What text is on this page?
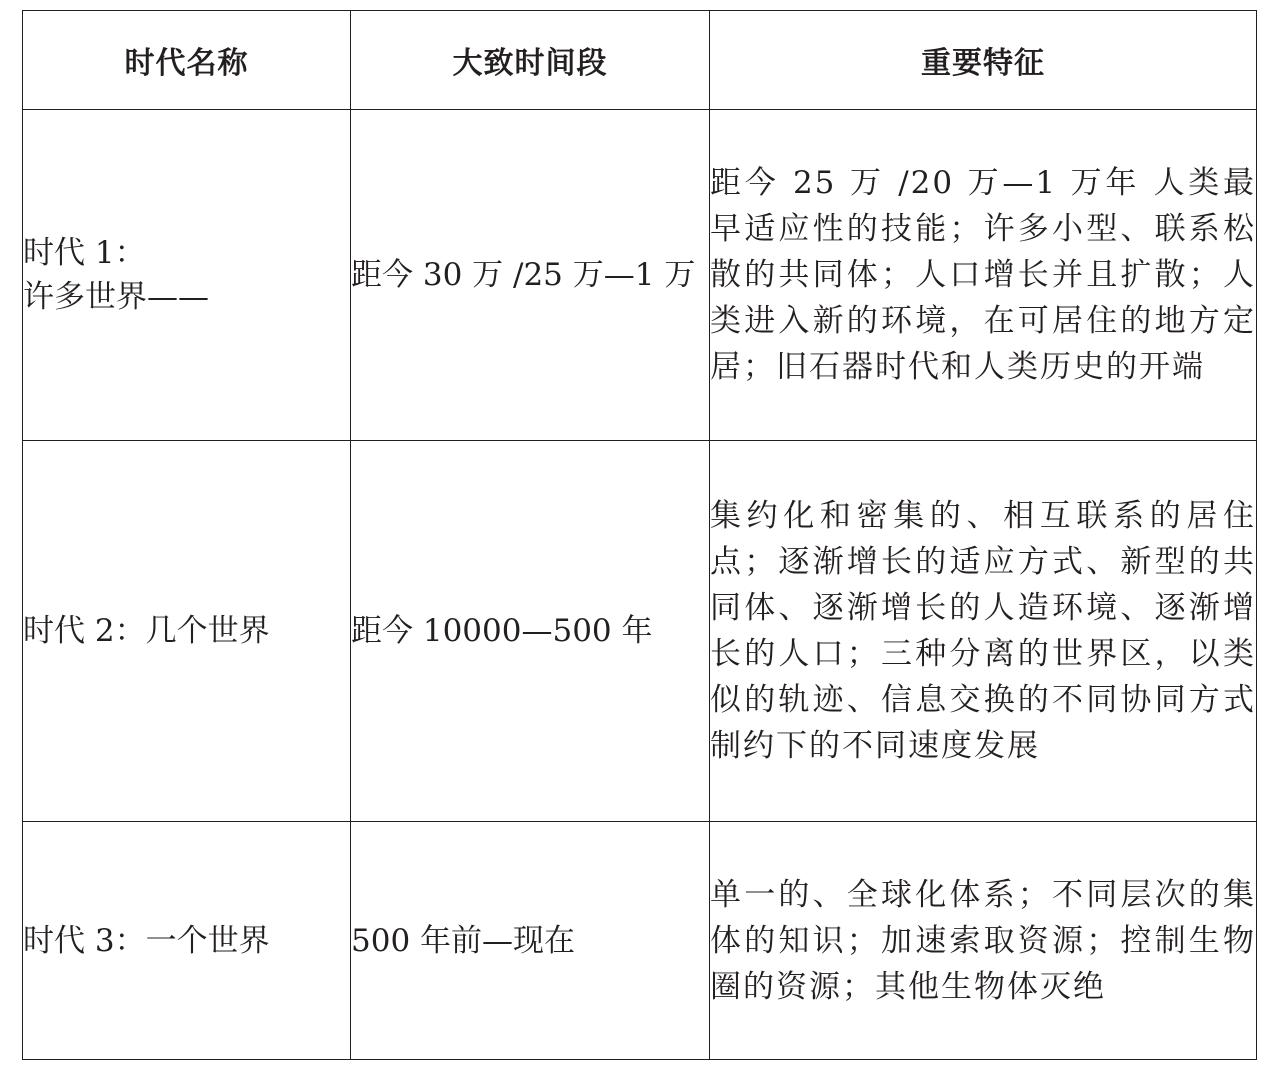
时代名称	大致时间段	重要特征

时代 1：
许多世界——	距今 30 万 /25 万—1 万	距今 25 万 /20 万—1 万年 人类最早适应性的技能；许多小型、联系松散的共同体；人口增长并且扩散；人类进入新的环境，在可居住的地方定居；旧石器时代和人类历史的开端

时代 2：几个世界	距今 10000—500 年	集约化和密集的、相互联系的居住点；逐渐增长的适应方式、新型的共同体、逐渐增长的人造环境、逐渐增长的人口；三种分离的世界区，以类似的轨迹、信息交换的不同协同方式制约下的不同速度发展

时代 3：一个世界	500 年前—现在	单一的、全球化体系；不同层次的集体的知识；加速索取资源；控制生物圈的资源；其他生物体灭绝
